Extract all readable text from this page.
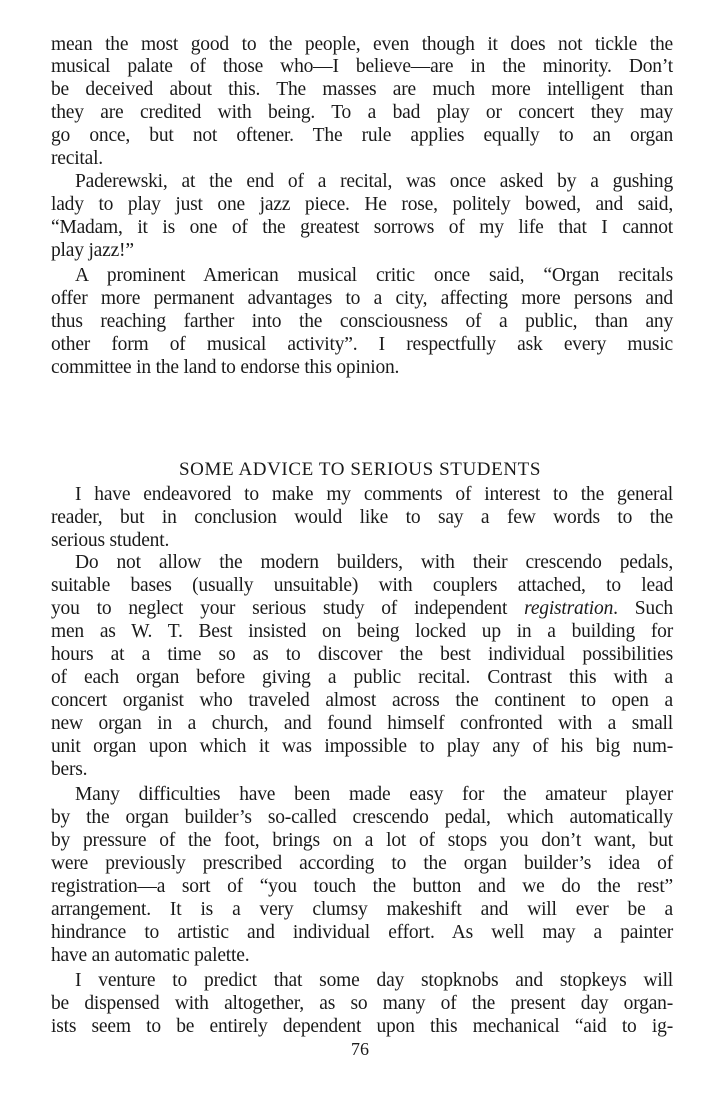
mean the most good to the people, even though it does not tickle the
musical palate of those who—I believe—are in the minority. Don’t
be deceived about this. The masses are much more intelligent than
they are credited with being. To a bad play or concert they may
go once, but not oftener. The rule applies equally to an organ
recital.
Paderewski, at the end of a recital, was once asked by a gushing
lady to play just one jazz piece. He rose, politely bowed, and said,
“Madam, it is one of the greatest sorrows of my life that I cannot
play jazz!”
A prominent American musical critic once said, “Organ recitals
offer more permanent advantages to a city, affecting more persons and
thus reaching farther into the consciousness of a public, than any
other form of musical activity”. I respectfully ask every music
committee in the land to endorse this opinion.
SOME ADVICE TO SERIOUS STUDENTS
I have endeavored to make my comments of interest to the general
reader, but in conclusion would like to say a few words to the
serious student.
Do not allow the modern builders, with their crescendo pedals,
suitable bases (usually unsuitable) with couplers attached, to lead
you to neglect your serious study of independent registration. Such
men as W. T. Best insisted on being locked up in a building for
hours at a time so as to discover the best individual possibilities
of each organ before giving a public recital. Contrast this with a
concert organist who traveled almost across the continent to open a
new organ in a church, and found himself confronted with a small
unit organ upon which it was impossible to play any of his big num-
bers.
Many difficulties have been made easy for the amateur player
by the organ builder’s so-called crescendo pedal, which automatically
by pressure of the foot, brings on a lot of stops you don’t want, but
were previously prescribed according to the organ builder’s idea of
registration—a sort of “you touch the button and we do the rest”
arrangement. It is a very clumsy makeshift and will ever be a
hindrance to artistic and individual effort. As well may a painter
have an automatic palette.
I venture to predict that some day stopknobs and stopkeys will
be dispensed with altogether, as so many of the present day organ-
ists seem to be entirely dependent upon this mechanical “aid to ig-
76
